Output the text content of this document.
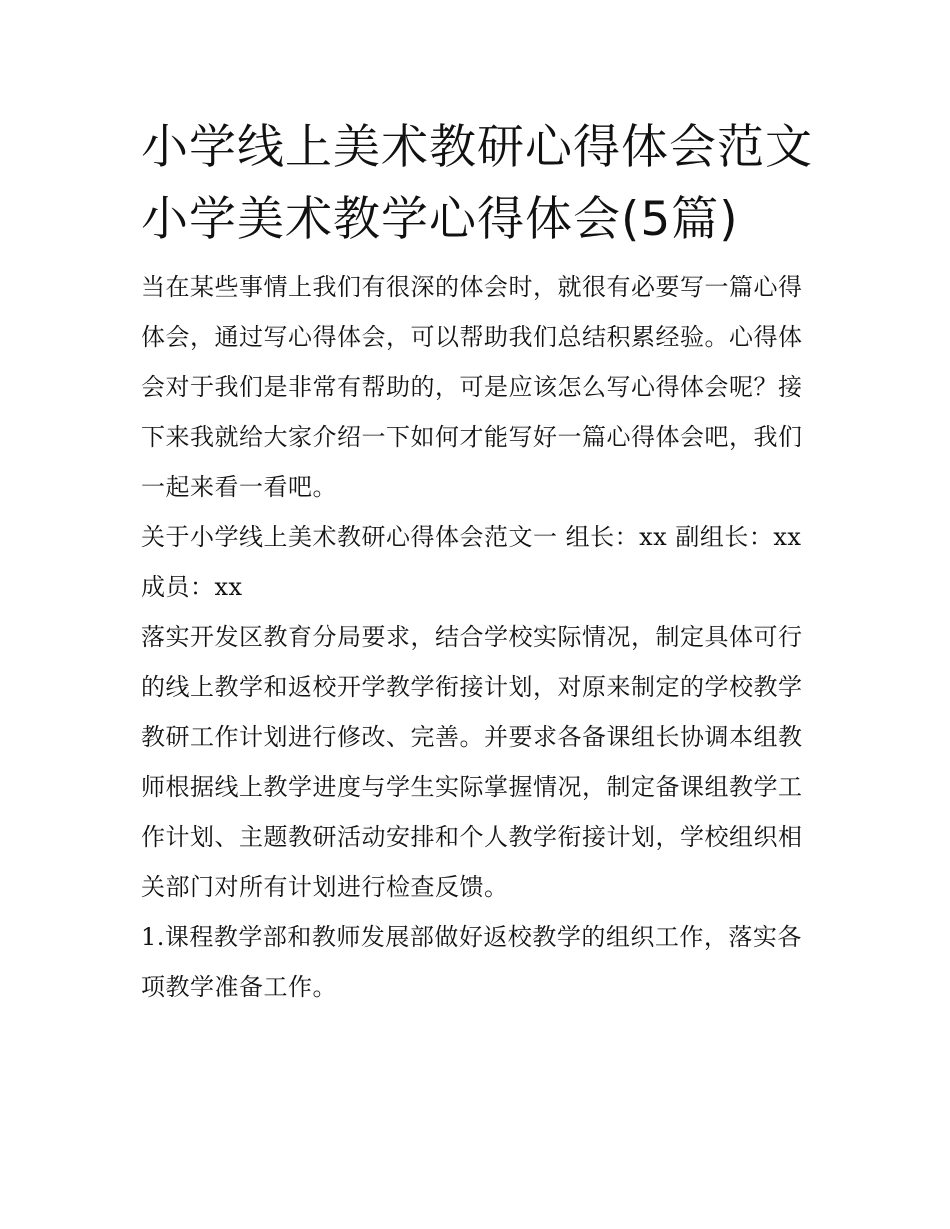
小学线上美术教研心得体会范文 小学美术教学心得体会(5篇)

当在某些事情上我们有很深的体会时，就很有必要写一篇心得体会，通过写心得体会，可以帮助我们总结积累经验。心得体会对于我们是非常有帮助的，可是应该怎么写心得体会呢？接下来我就给大家介绍一下如何才能写好一篇心得体会吧，我们一起来看一看吧。

关于小学线上美术教研心得体会范文一 组长：xx 副组长：xx 成员：xx

落实开发区教育分局要求，结合学校实际情况，制定具体可行的线上教学和返校开学教学衔接计划，对原来制定的学校教学教研工作计划进行修改、完善。并要求各备课组长协调本组教师根据线上教学进度与学生实际掌握情况，制定备课组教学工作计划、主题教研活动安排和个人教学衔接计划，学校组织相关部门对所有计划进行检查反馈。

1.课程教学部和教师发展部做好返校教学的组织工作，落实各项教学准备工作。
